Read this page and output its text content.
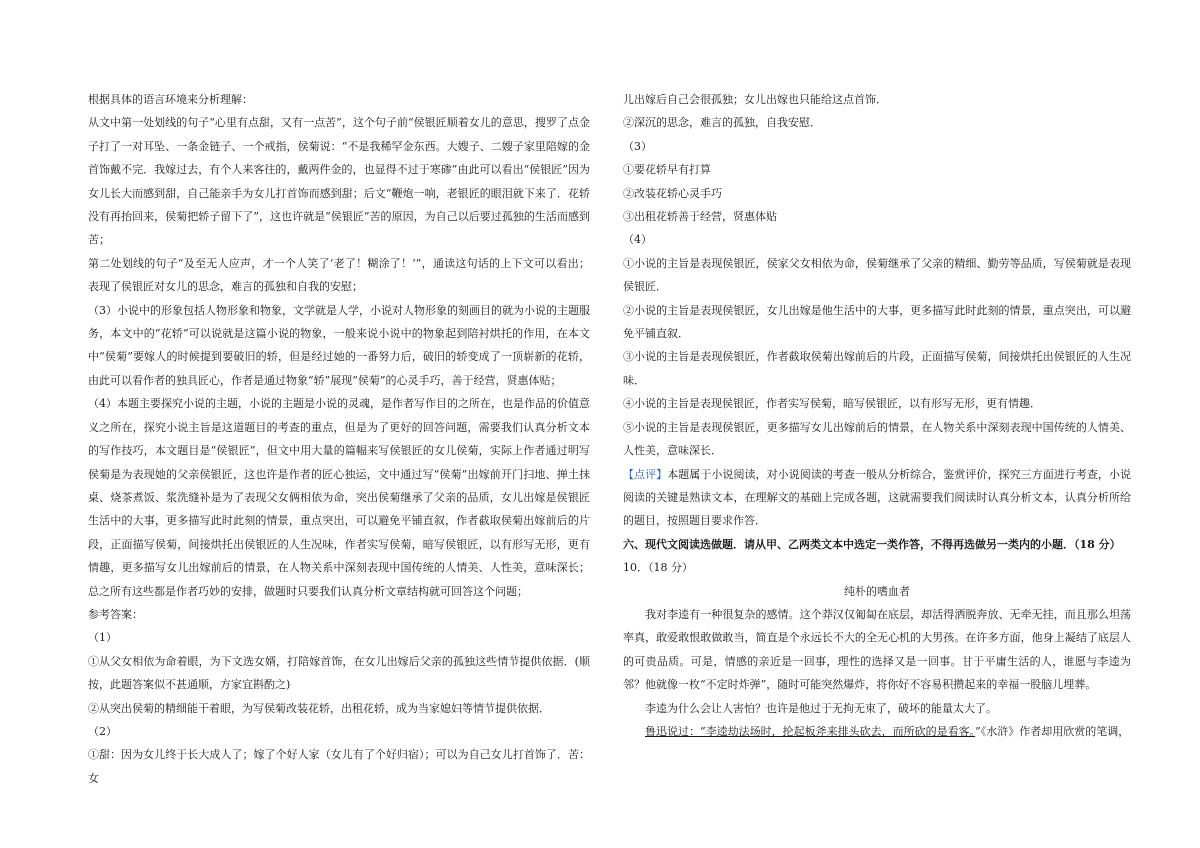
根据具体的语言环境来分析理解：

从文中第一处划线的句子“心里有点甜，又有一点苦”，这个句子前“侯银匠顺着女儿的意思，搜罗了点金子打了一对耳坠、一条金链子、一个戒指，侯菊说：“不是我稀罕金东西。大嫂子、二嫂子家里陪嫁的金首饰戴不完．我嫁过去，有个人来客往的，戴两件金的，也显得不过于寒碜”由此可以看出“侯银匠”因为女儿长大而感到甜，自己能亲手为女儿打首饰而感到甜；后文“鞭炮一响，老银匠的眼泪就下来了．花轿没有再抬回来，侯菊把轿子留下了”，这也许就是“侯银匠”苦的原因，为自己以后要过孤独的生活而感到苦；

第二处划线的句子“及至无人应声，才一个人笑了‘老了！糊涂了！’”，通读这句话的上下文可以看出；表现了侯银匠对女儿的思念，难言的孤独和自我的安慰；

（3）小说中的形象包括人物形象和物象，文学就是人学，小说对人物形象的刻画目的就为小说的主题服务，本文中的“花轿”可以说就是这篇小说的物象，一般来说小说中的物象起到陪衬烘托的作用，在本文中“侯菊”要嫁人的时候提到要破旧的轿，但是经过她的一番努力后，破旧的轿变成了一顶崭新的花轿，由此可以看作者的独具匠心，作者是通过物象“轿”展现“侯菊”的心灵手巧，善于经营，贤惠体贴；

（4）本题主要探究小说的主题，小说的主题是小说的灵魂，是作者写作目的之所在，也是作品的价值意义之所在，探究小说主旨是这道题目的考查的重点，但是为了更好的回答问题，需要我们认真分析文本的写作技巧，本文题目是“侯银匠”，但文中用大量的篇幅来写侯银匠的女儿侯菊，实际上作者通过明写侯菊是为表现她的父亲侯银匠，这也许是作者的匠心独运，文中通过写“侯菊”出嫁前开门扫地、掸土抹桌、烧茶煮饭、浆洗缝补是为了表现父女俩相依为命，突出侯菊继承了父亲的品质，女儿出嫁是侯银匠生活中的大事，更多描写此时此刻的情景，重点突出，可以避免平铺直叙，作者截取侯菊出嫁前后的片段，正面描写侯菊，间接烘托出侯银匠的人生况味，作者实写侯菊，暗写侯银匠，以有形写无形，更有情趣，更多描写女儿出嫁前后的情景，在人物关系中深刻表现中国传统的人情美、人性美，意味深长；总之所有这些都是作者巧妙的安排，做题时只要我们认真分析文章结构就可回答这个问题；

参考答案：

（1）

①从父女相依为命着眼，为下文选女婿，打陪嫁首饰，在女儿出嫁后父亲的孤独这些情节提供依据．(顺按，此题答案似不甚通顺，方家宜斟酌之)

②从突出侯菊的精细能干着眼，为写侯菊改装花轿，出租花轿，成为当家媳妇等情节提供依据．

（2）

①甜：因为女儿终于长大成人了；嫁了个好人家（女儿有了个好归宿）；可以为自己女儿打首饰了．苦：女

儿出嫁后自己会很孤独；女儿出嫁也只能给这点首饰．

②深沉的思念，难言的孤独，自我安慰．

（3）

①要花轿早有打算

②改装花轿心灵手巧

③出租花轿善于经营，贤惠体贴

（4）

①小说的主旨是表现侯银匠，侯家父女相依为命，侯菊继承了父亲的精细、勤劳等品质，写侯菊就是表现侯银匠．

②小说的主旨是表现侯银匠，女儿出嫁是他生活中的大事，更多描写此时此刻的情景，重点突出，可以避免平铺直叙．

③小说的主旨是表现侯银匠，作者截取侯菊出嫁前后的片段，正面描写侯菊，间接烘托出侯银匠的人生况味．

④小说的主旨是表现侯银匠，作者实写侯菊，暗写侯银匠，以有形写无形，更有情趣．

⑤小说的主旨是表现侯银匠，更多描写女儿出嫁前后的情景，在人物关系中深刻表现中国传统的人情美、人性美，意味深长．

【点评】本题属于小说阅读，对小说阅读的考查一般从分析综合，鉴赏评价，探究三方面进行考查，小说阅读的关键是熟读文本，在理解文的基础上完成各题，这就需要我们阅读时认真分析文本，认真分析所给的题目，按照题目要求作答．

六、现代文阅读选做题．请从甲、乙两类文本中选定一类作答，不得再选做另一类内的小题．（18 分）

10．（18 分）

纯朴的嗜血者

我对李逵有一种很复杂的感情。这个莽汉仅匍匐在底层，却活得洒脱奔放、无牵无挂，而且那么坦荡率真，敢爱敢恨敢做敢当，简直是个永远长不大的全无心机的大男孩。在许多方面，他身上凝结了底层人的可贵品质。可是，情感的亲近是一回事，理性的选择又是一回事。甘于平庸生活的人，谁愿与李逵为邻？他就像一枚“不定时炸弹”，随时可能突然爆炸，将你好不容易积攒起来的幸福一股脑儿埋葬。

李逵为什么会让人害怕？也许是他过于无拘无束了，破坏的能量太大了。

鲁迅说过：“李逵劫法场时，抡起板斧来排头砍去，而所砍的是看客。”《水浒》作者却用欣赏的笔调，
